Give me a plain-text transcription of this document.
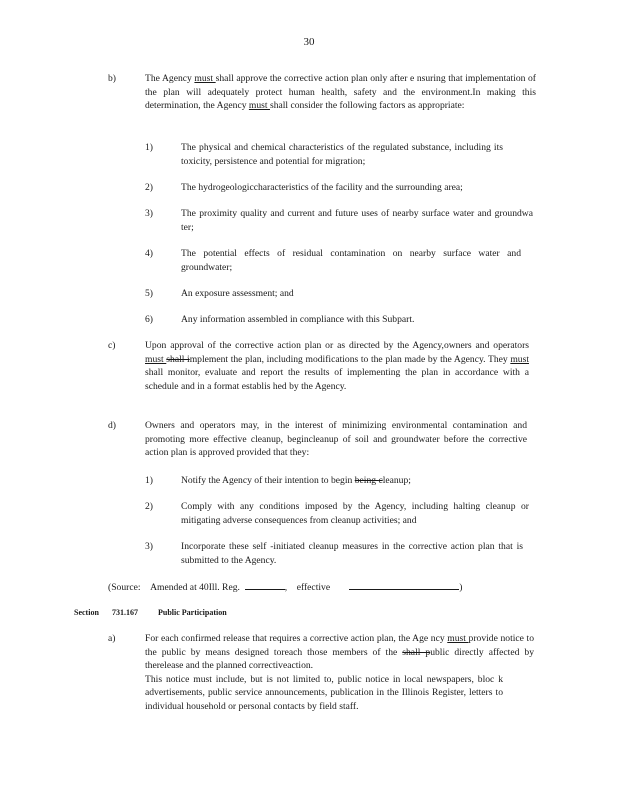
30
b)	The Agency must shall approve the corrective action plan only after e nsuring that implementation of the plan will adequately protect human health, safety and the environment.In making this determination, the Agency must shall consider the following factors as appropriate:
1)	The physical and chemical characteristics of the regulated substance, including its toxicity, persistence and potential for migration;
2)	The hydrogeologiccharacteristics of the facility and the surrounding area;
3)	The proximity quality and current and future uses of nearby surface water and groundwa ter;
4)	The potential effects of residual contamination on nearby surface water and groundwater;
5)	An exposure assessment; and
6)	Any information assembled in compliance with this Subpart.
c)	Upon approval of the corrective action plan or as directed by the Agency,owners and operators must shall implement the plan, including modifications to the plan made by the Agency. They must shall monitor, evaluate and report the results of implementing the plan in accordance with a schedule and in a format establis hed by the Agency.
d)	Owners and operators may, in the interest of minimizing environmental contamination and promoting more effective cleanup, begincleanup of soil and groundwater before the corrective action plan is approved provided that they:
1)	Notify the Agency of their intention to begin being cleanup;
2)	Comply with any conditions imposed by the Agency, including halting cleanup or mitigating adverse consequences from cleanup activities; and
3)	Incorporate these self -initiated cleanup measures in the corrective action plan that is submitted to the Agency.
(Source: Amended at 40Ill. Reg.	, effective	)
Section 731.167	Public Participation
a)	For each confirmed release that requires a corrective action plan, the Age ncy must provide notice to the public by means designed toreach those members of the shall public directly affected by therelease and the planned correctiveaction.
This notice must include, but is not limited to, public notice in local newspapers, bloc k advertisements, public service announcements, publication in the Illinois Register, letters to individual household or personal contacts by field staff.
